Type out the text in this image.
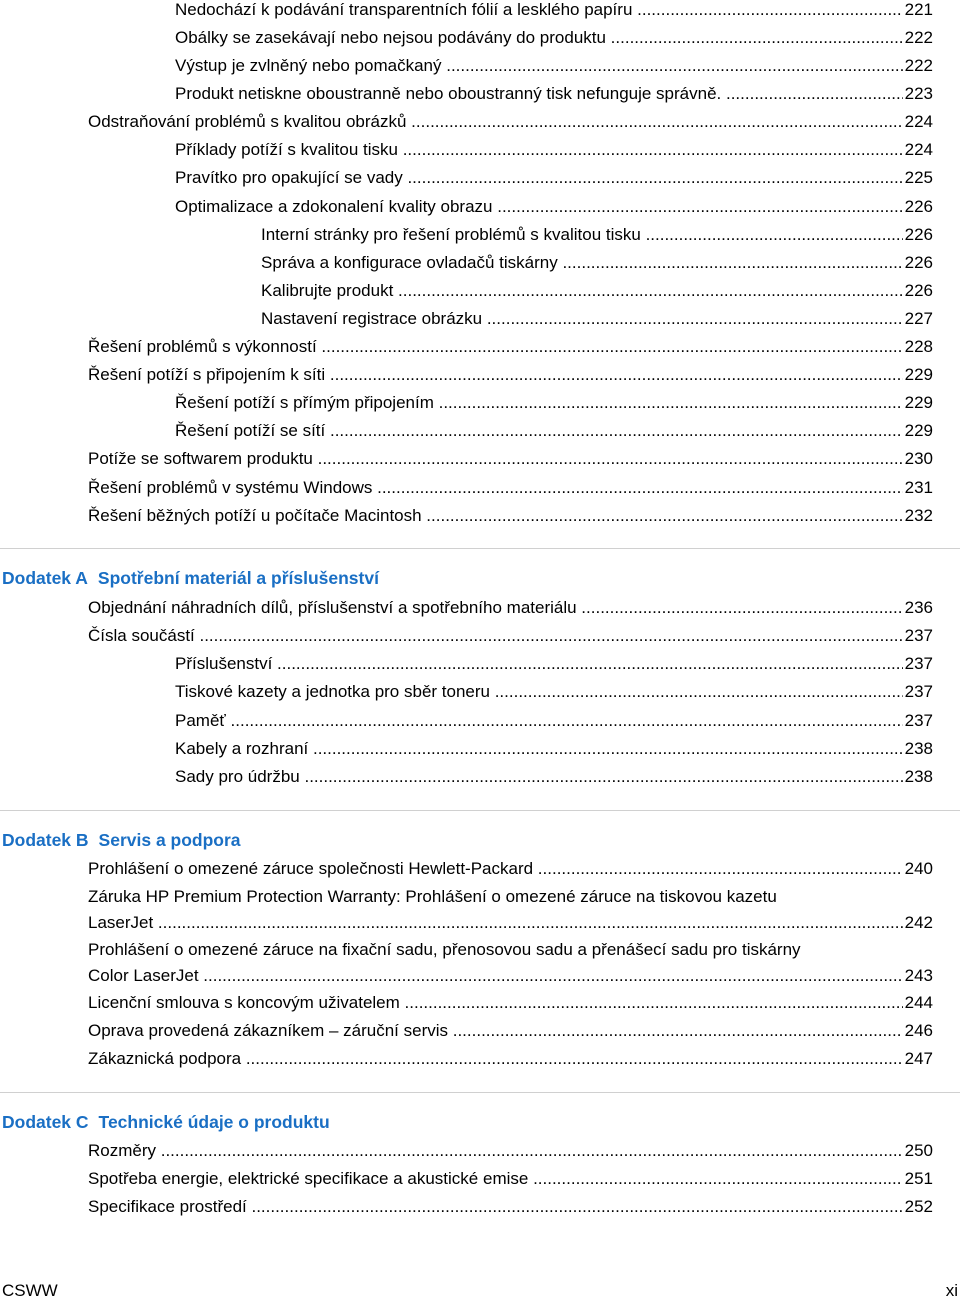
Nedochází k podávání transparentních fólií a lesklého papíru .....	221
Obálky se zasekávají nebo nejsou podávány do produktu .....	222
Výstup je zvlněný nebo pomačkaný .....	222
Produkt netiskne oboustranně nebo oboustranný tisk nefunguje správně. .....	223
Odstraňování problémů s kvalitou obrázků .....	224
Příklady potíží s kvalitou tisku .....	224
Pravítko pro opakující se vady .....	225
Optimalizace a zdokonalení kvality obrazu .....	226
Interní stránky pro řešení problémů s kvalitou tisku .....	226
Správa a konfigurace ovladačů tiskárny .....	226
Kalibrujte produkt .....	226
Nastavení registrace obrázku .....	227
Řešení problémů s výkonností .....	228
Řešení potíží s připojením k síti .....	229
Řešení potíží s přímým připojením .....	229
Řešení potíží se sítí .....	229
Potíže se softwarem produktu .....	230
Řešení problémů v systému Windows .....	231
Řešení běžných potíží u počítače Macintosh .....	232
Dodatek A Spotřební materiál a příslušenství
Objednání náhradních dílů, příslušenství a spotřebního materiálu .....	236
Čísla součástí .....	237
Příslušenství .....	237
Tiskové kazety a jednotka pro sběr toneru .....	237
Paměť .....	237
Kabely a rozhraní .....	238
Sady pro údržbu .....	238
Dodatek B Servis a podpora
Prohlášení o omezené záruce společnosti Hewlett-Packard .....	240
Záruka HP Premium Protection Warranty: Prohlášení o omezené záruce na tiskovou kazetu
LaserJet .....	242
Prohlášení o omezené záruce na fixační sadu, přenosovou sadu a přenášecí sadu pro tiskárny
Color LaserJet .....	243
Licenční smlouva s koncovým uživatelem .....	244
Oprava provedená zákazníkem – záruční servis .....	246
Zákaznická podpora .....	247
Dodatek C Technické údaje o produktu
Rozměry .....	250
Spotřeba energie, elektrické specifikace a akustické emise .....	251
Specifikace prostředí .....	252
CSWW	xi
